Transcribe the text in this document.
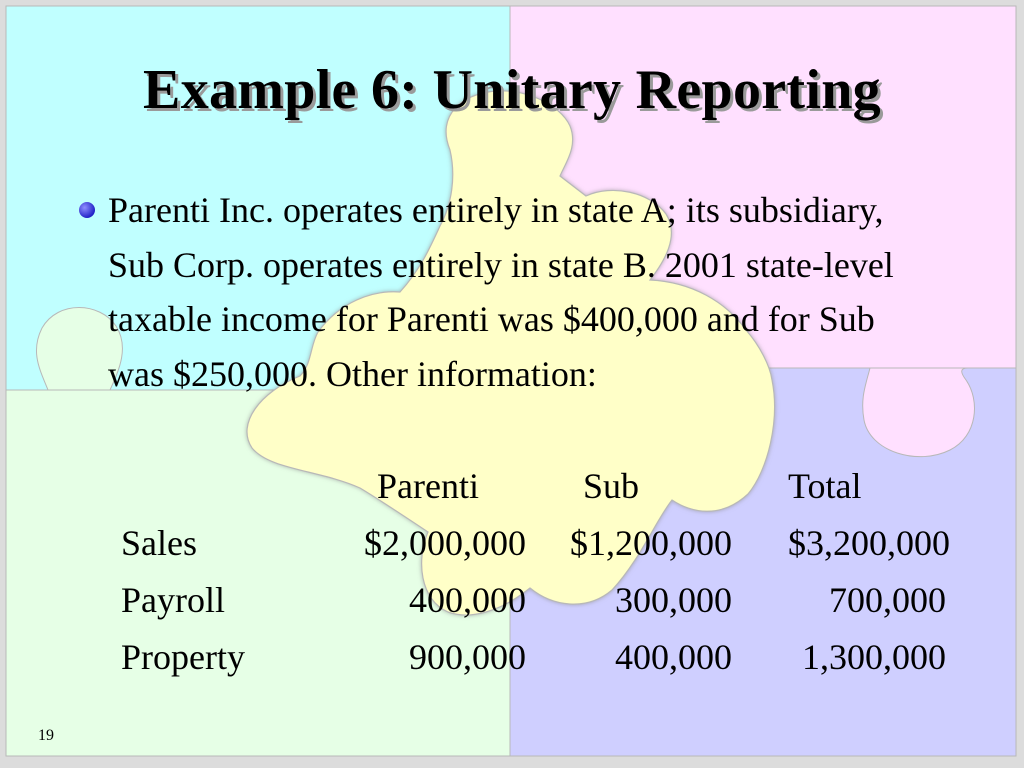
Example 6: Unitary Reporting
Parenti Inc. operates entirely in state A; its subsidiary, Sub Corp. operates entirely in state B. 2001 state-level taxable income for Parenti was $400,000 and for Sub was $250,000. Other information:
Parenti	Sub	Total
Sales	$2,000,000 $1,200,000 $3,200,000
Payroll	400,000 300,000	700,000
Property	900,000 400,000 1,300,000
19
